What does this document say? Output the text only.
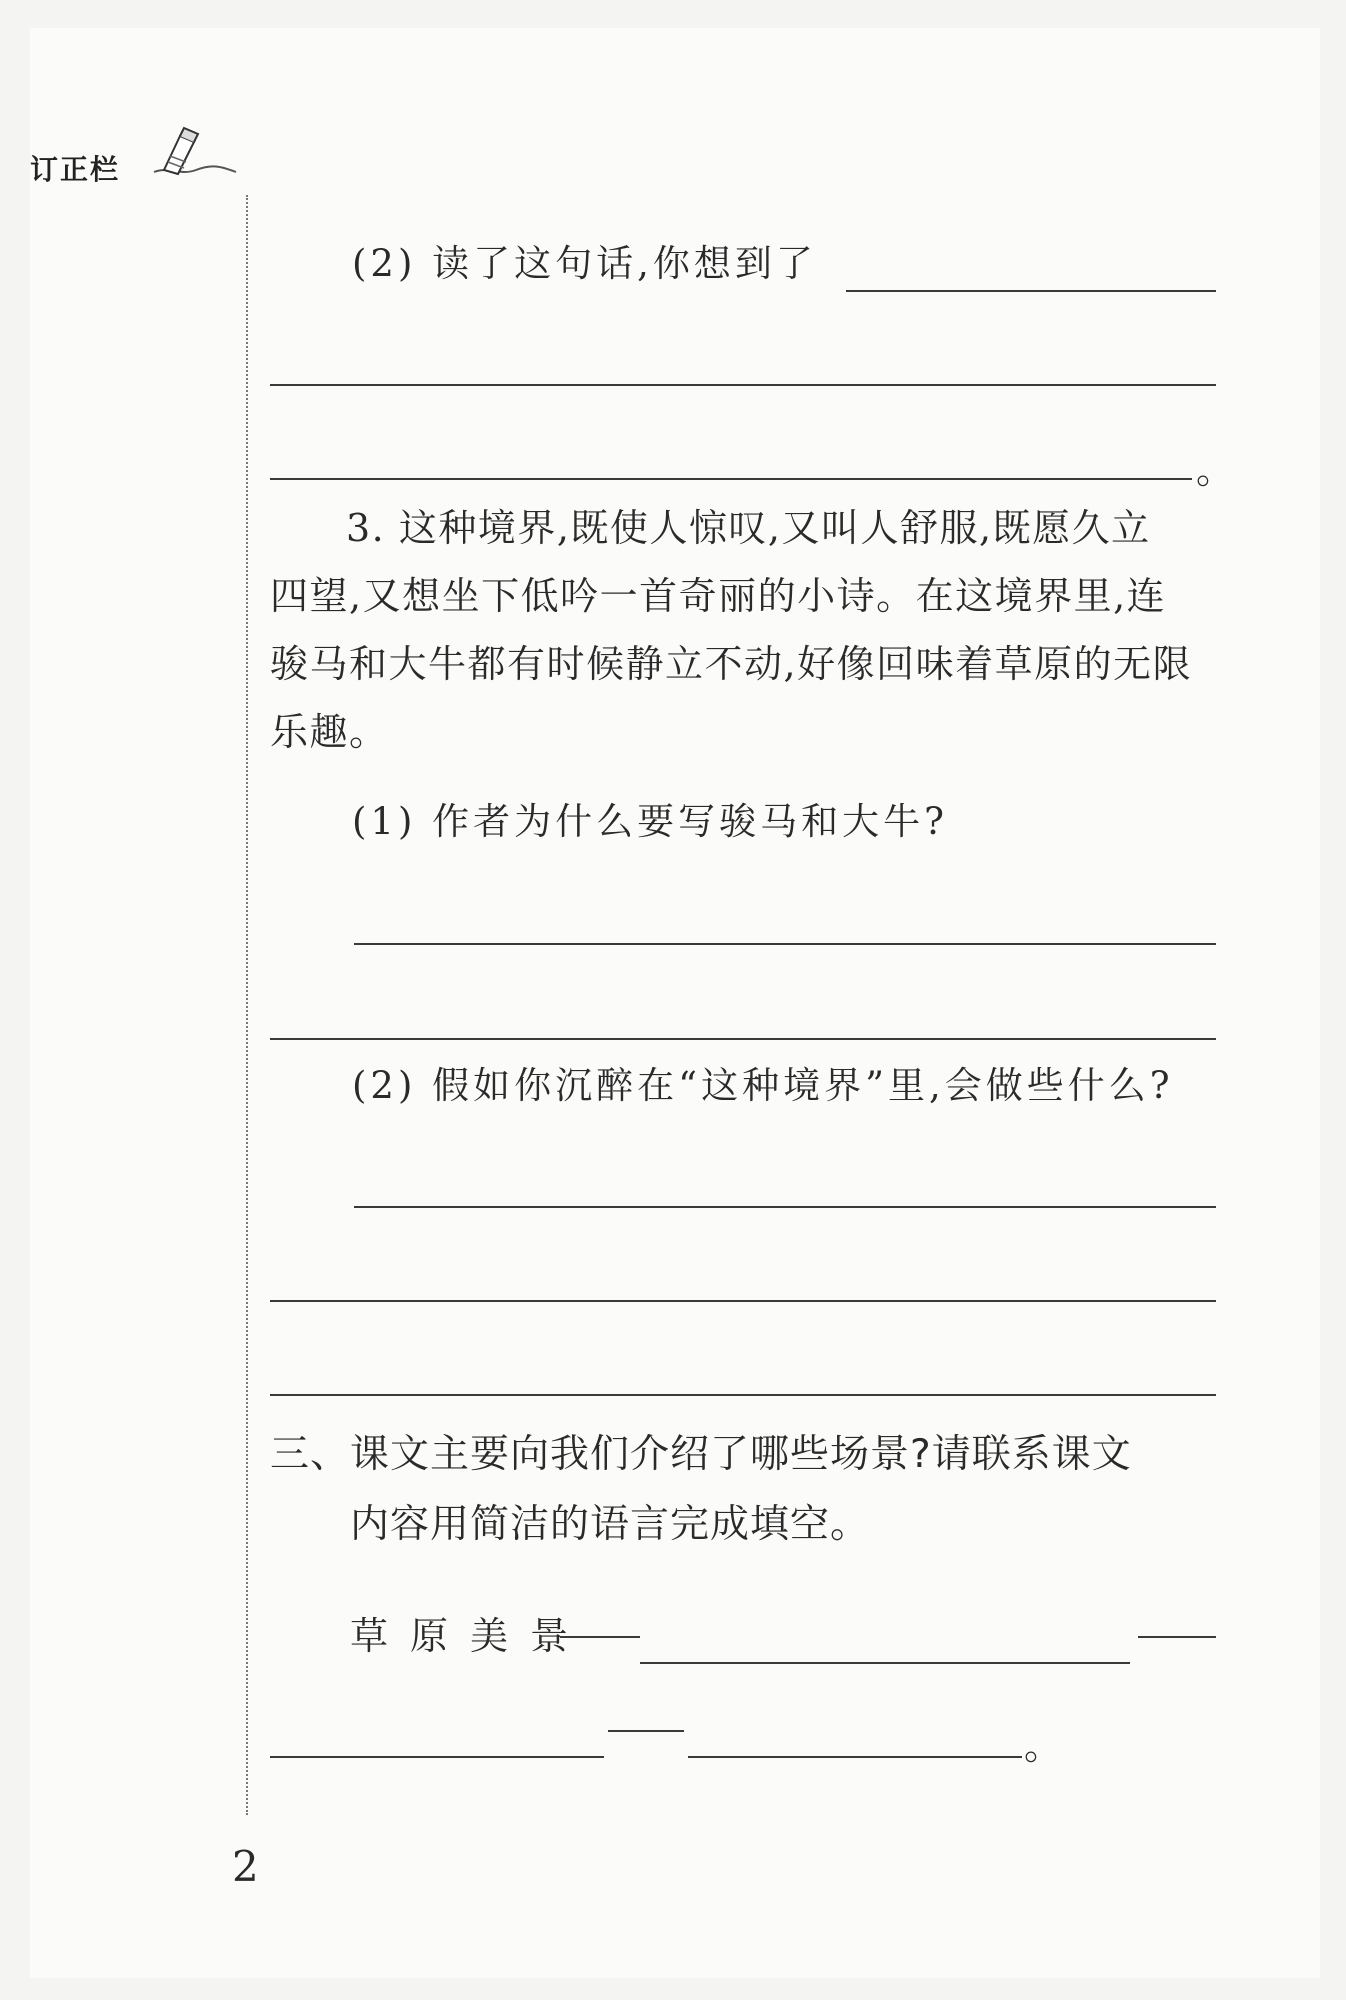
订正栏
(2) 读了这句话,你想到了
。
3. 这种境界,既使人惊叹,又叫人舒服,既愿久立
四望,又想坐下低吟一首奇丽的小诗。在这境界里,连
骏马和大牛都有时候静立不动,好像回味着草原的无限
乐趣。
(1) 作者为什么要写骏马和大牛?
(2) 假如你沉醉在“这种境界”里,会做些什么?
三、课文主要向我们介绍了哪些场景?请联系课文
内容用简洁的语言完成填空。
草原美景
。
2
